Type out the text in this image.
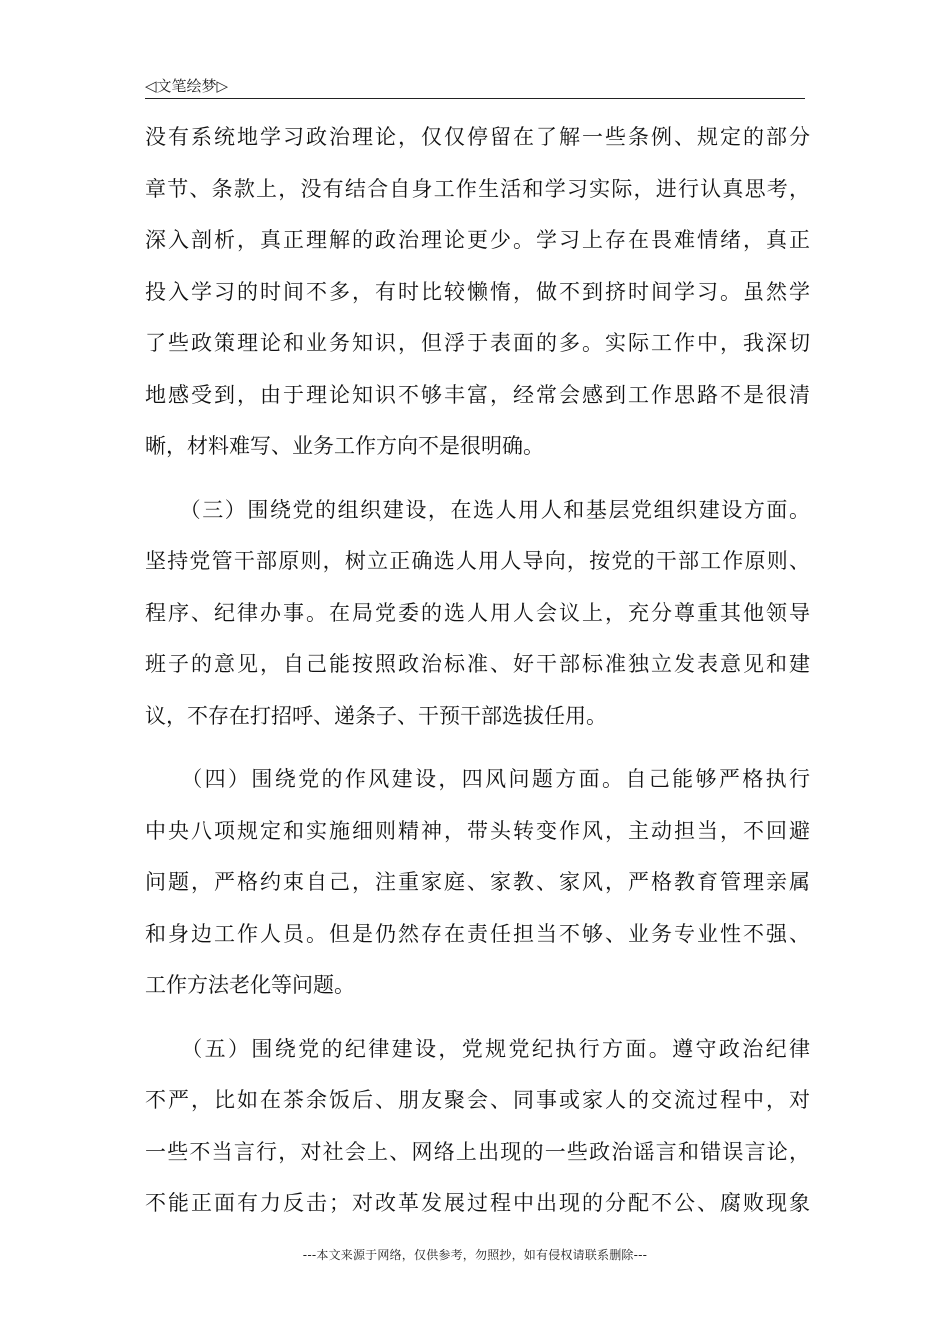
◁文笔绘梦▷

没有系统地学习政治理论，仅仅停留在了解一些条例、规定的部分
章节、条款上，没有结合自身工作生活和学习实际，进行认真思考，
深入剖析，真正理解的政治理论更少。学习上存在畏难情绪，真正
投入学习的时间不多，有时比较懒惰，做不到挤时间学习。虽然学
了些政策理论和业务知识，但浮于表面的多。实际工作中，我深切
地感受到，由于理论知识不够丰富，经常会感到工作思路不是很清
晰，材料难写、业务工作方向不是很明确。

　　（三）围绕党的组织建设，在选人用人和基层党组织建设方面。
坚持党管干部原则，树立正确选人用人导向，按党的干部工作原则、
程序、纪律办事。在局党委的选人用人会议上，充分尊重其他领导
班子的意见，自己能按照政治标准、好干部标准独立发表意见和建
议，不存在打招呼、递条子、干预干部选拔任用。

　　（四）围绕党的作风建设，四风问题方面。自己能够严格执行
中央八项规定和实施细则精神，带头转变作风，主动担当，不回避
问题，严格约束自己，注重家庭、家教、家风，严格教育管理亲属
和身边工作人员。但是仍然存在责任担当不够、业务专业性不强、
工作方法老化等问题。

　　（五）围绕党的纪律建设，党规党纪执行方面。遵守政治纪律
不严，比如在茶余饭后、朋友聚会、同事或家人的交流过程中，对
一些不当言行，对社会上、网络上出现的一些政治谣言和错误言论，
不能正面有力反击；对改革发展过程中出现的分配不公、腐败现象

---本文来源于网络，仅供参考，勿照抄，如有侵权请联系删除---
